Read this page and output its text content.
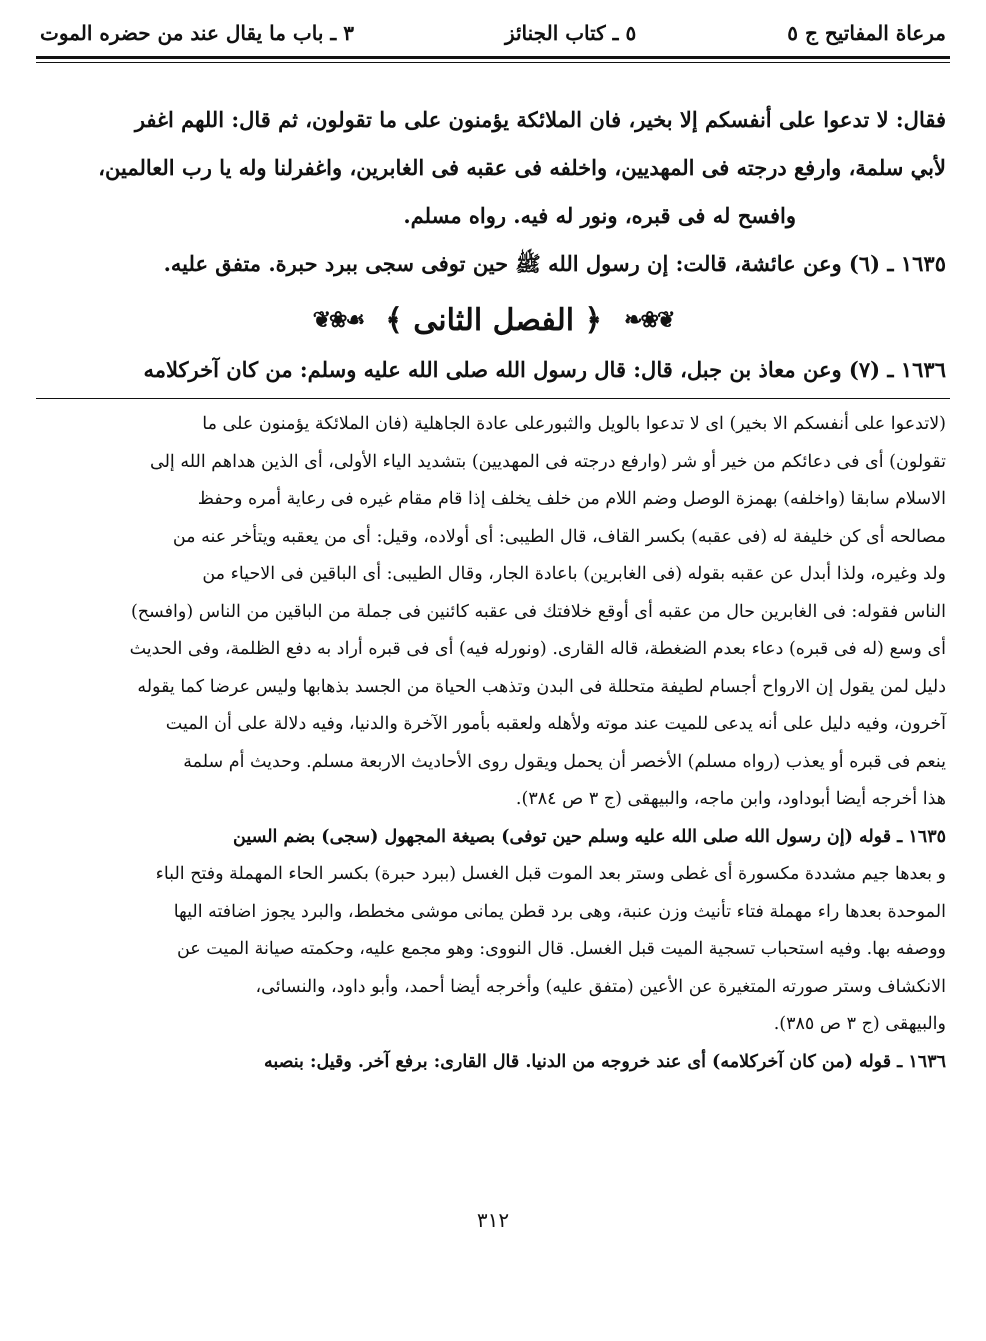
مرعاة المفاتيح ج ٥
٥ ـ كتاب الجنائز
٣ ـ باب ما يقال عند من حضره الموت

فقال: لا تدعوا على أنفسكم إلا بخير، فان الملائكة يؤمنون على ما تقولون، ثم قال: اللهم اغفر

لأبي سلمة، وارفع درجته فى المهديين، واخلفه فى عقبه فى الغابرين، واغفرلنا وله يا رب العالمين،

وافسح له فى قبره، ونور له فيه. رواه مسلم.

١٦٣٥ ـ (٦) وعن عائشة، قالت: إن رسول الله ﷺ حين توفى سجى ببرد حبرة. متفق عليه.

❦❀❧
﴿ الفصل الثانى ﴾
☙❀❦
١٦٣٦ ـ (٧) وعن معاذ بن جبل، قال: قال رسول الله صلى الله عليه وسلم: من كان آخركلامه

(لاتدعوا على أنفسكم الا بخير) اى لا تدعوا بالويل والثبورعلى عادة الجاهلية (فان الملائكة يؤمنون على ما

تقولون) أى فى دعائكم من خير أو شر (وارفع درجته فى المهديين) بتشديد الياء الأولى، أى الذين هداهم الله إلى

الاسلام سابقا (واخلفه) بهمزة الوصل وضم اللام من خلف يخلف إذا قام مقام غيره فى رعاية أمره وحفظ

مصالحه أى كن خليفة له (فى عقبه) بكسر القاف، قال الطيبى: أى أولاده، وقيل: أى من يعقبه ويتأخر عنه من

ولد وغيره، ولذا أبدل عن عقبه بقوله (فى الغابرين) باعادة الجار، وقال الطيبى: أى الباقين فى الاحياء من

الناس فقوله: فى الغابرين حال من عقبه أى أوقع خلافتك فى عقبه كائنين فى جملة من الباقين من الناس (وافسح)

أى وسع (له فى قبره) دعاء بعدم الضغطة، قاله القارى. (ونورله فيه) أى فى قبره أراد به دفع الظلمة، وفى الحديث

دليل لمن يقول إن الارواح أجسام لطيفة متحللة فى البدن وتذهب الحياة من الجسد بذهابها وليس عرضا كما يقوله

آخرون، وفيه دليل على أنه يدعى للميت عند موته ولأهله ولعقبه بأمور الآخرة والدنيا، وفيه دلالة على أن الميت

ينعم فى قبره أو يعذب (رواه مسلم) الأخصر أن يحمل ويقول روى الأحاديث الاربعة مسلم. وحديث أم سلمة

هذا أخرجه أيضا أبوداود، وابن ماجه، والبيهقى (ج ٣ ص ٣٨٤).

١٦٣٥ ـ قوله (إن رسول الله صلى الله عليه وسلم حين توفى) بصيغة المجهول (سجى) بضم السين

و بعدها جيم مشددة مكسورة أى غطى وستر بعد الموت قبل الغسل (ببرد حبرة) بكسر الحاء المهملة وفتح الباء

الموحدة بعدها راء مهملة فتاء تأنيث وزن عنبة، وهى برد قطن يمانى موشى مخطط، والبرد يجوز اضافته اليها

ووصفه بها. وفيه استحباب تسجية الميت قبل الغسل. قال النووى: وهو مجمع عليه، وحكمته صيانة الميت عن

الانكشاف وستر صورته المتغيرة عن الأعين (متفق عليه) وأخرجه أيضا أحمد، وأبو داود، والنسائى،

والبيهقى (ج ٣ ص ٣٨٥).

١٦٣٦ ـ قوله (من كان آخركلامه) أى عند خروجه من الدنيا. قال القارى: برفع آخر. وقيل: بنصبه

٣١٢
